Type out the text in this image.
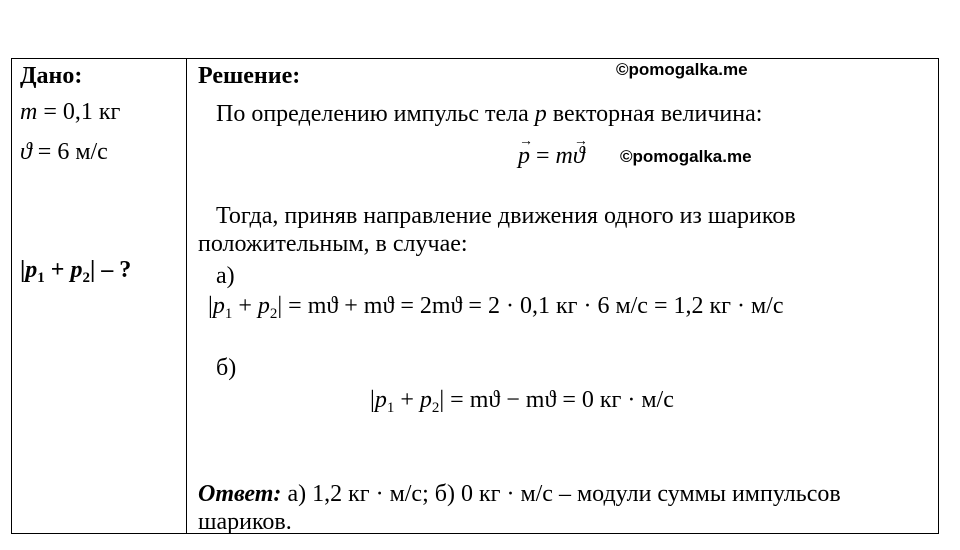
Дано:
m = 0,1 кг
ϑ = 6 м/с
$|p_1 + p_2|$ – ?
Решение:	©pomogalka.me
По определению импульс тела p векторная величина:
→ p = m→ ϑ ©pomogalka.me
Тогда, приняв направление движения одного из шариков
положительным, в случае:
а)
$|p_1 + p_2| = mϑ + mϑ = 2mϑ = 2 \cdot 0,1$ кг · 6 м/с = 1,2 кг · м/с
б)
$|p_1 + p_2| = mϑ - mϑ = 0$ кг · м/с
Ответ: а) 1,2 кг · м/с; б) 0 кг · м/с – модули суммы импульсов
шариков.
